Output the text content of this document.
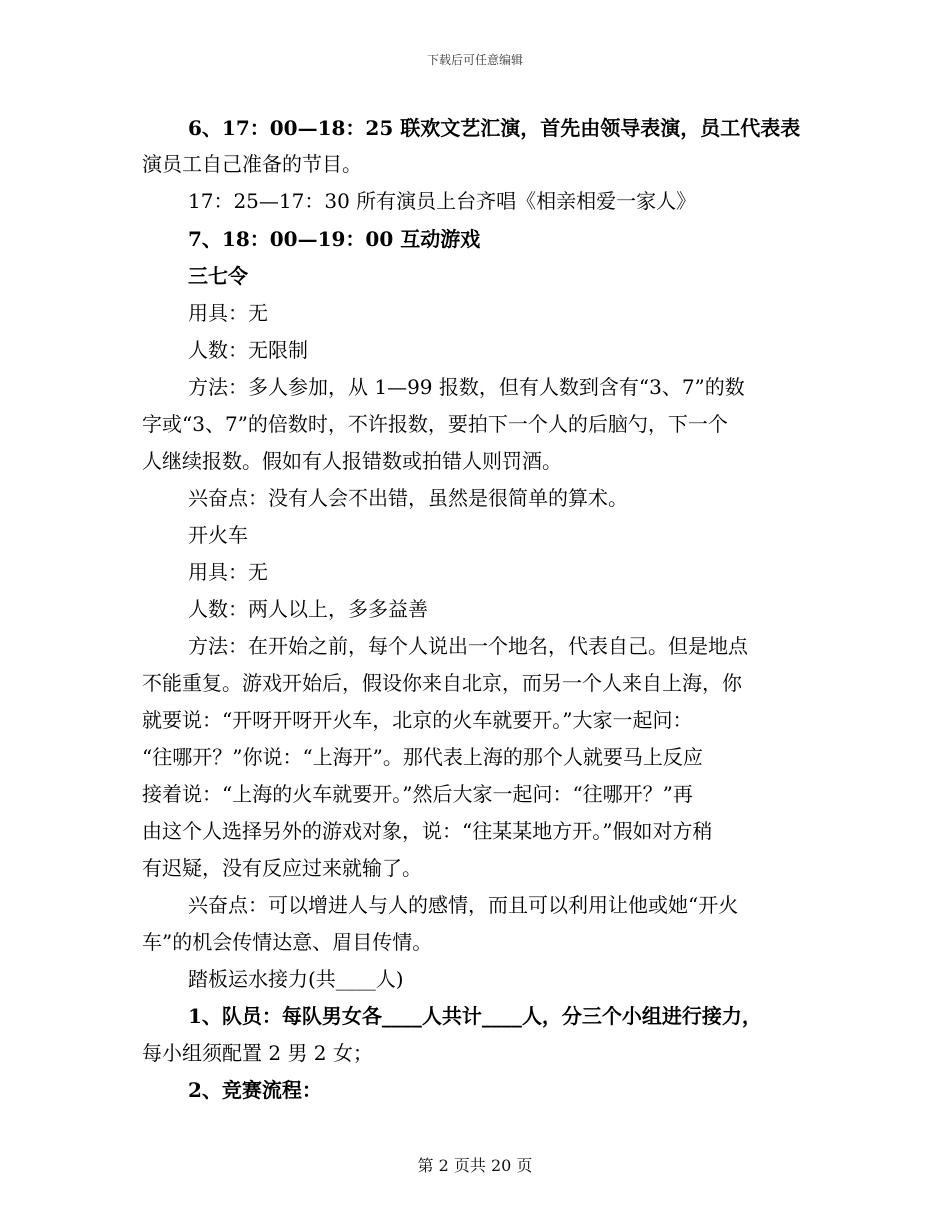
下载后可任意编辑
6、17：00—18：25 联欢文艺汇演，首先由领导表演，员工代表表
演员工自己准备的节目。
17：25—17：30 所有演员上台齐唱《相亲相爱一家人》
7、18：00—19：00 互动游戏
三七令
用具：无
人数：无限制
方法：多人参加，从 1—99 报数，但有人数到含有“3、7”的数
字或“3、7”的倍数时，不许报数，要拍下一个人的后脑勺，下一个
人继续报数。假如有人报错数或拍错人则罚酒。
兴奋点：没有人会不出错，虽然是很简单的算术。
开火车
用具：无
人数：两人以上，多多益善
方法：在开始之前，每个人说出一个地名，代表自己。但是地点
不能重复。游戏开始后，假设你来自北京，而另一个人来自上海，你
就要说：“开呀开呀开火车，北京的火车就要开。”大家一起问：
“往哪开？”你说：“上海开”。那代表上海的那个人就要马上反应
接着说：“上海的火车就要开。”然后大家一起问：“往哪开？”再
由这个人选择另外的游戏对象，说：“往某某地方开。”假如对方稍
有迟疑，没有反应过来就输了。
兴奋点：可以增进人与人的感情，而且可以利用让他或她“开火
车”的机会传情达意、眉目传情。
踏板运水接力(共____人)
1、队员：每队男女各____人共计____人，分三个小组进行接力，
每小组须配置 2 男 2 女；
2、竞赛流程：
第 2 页共 20 页
